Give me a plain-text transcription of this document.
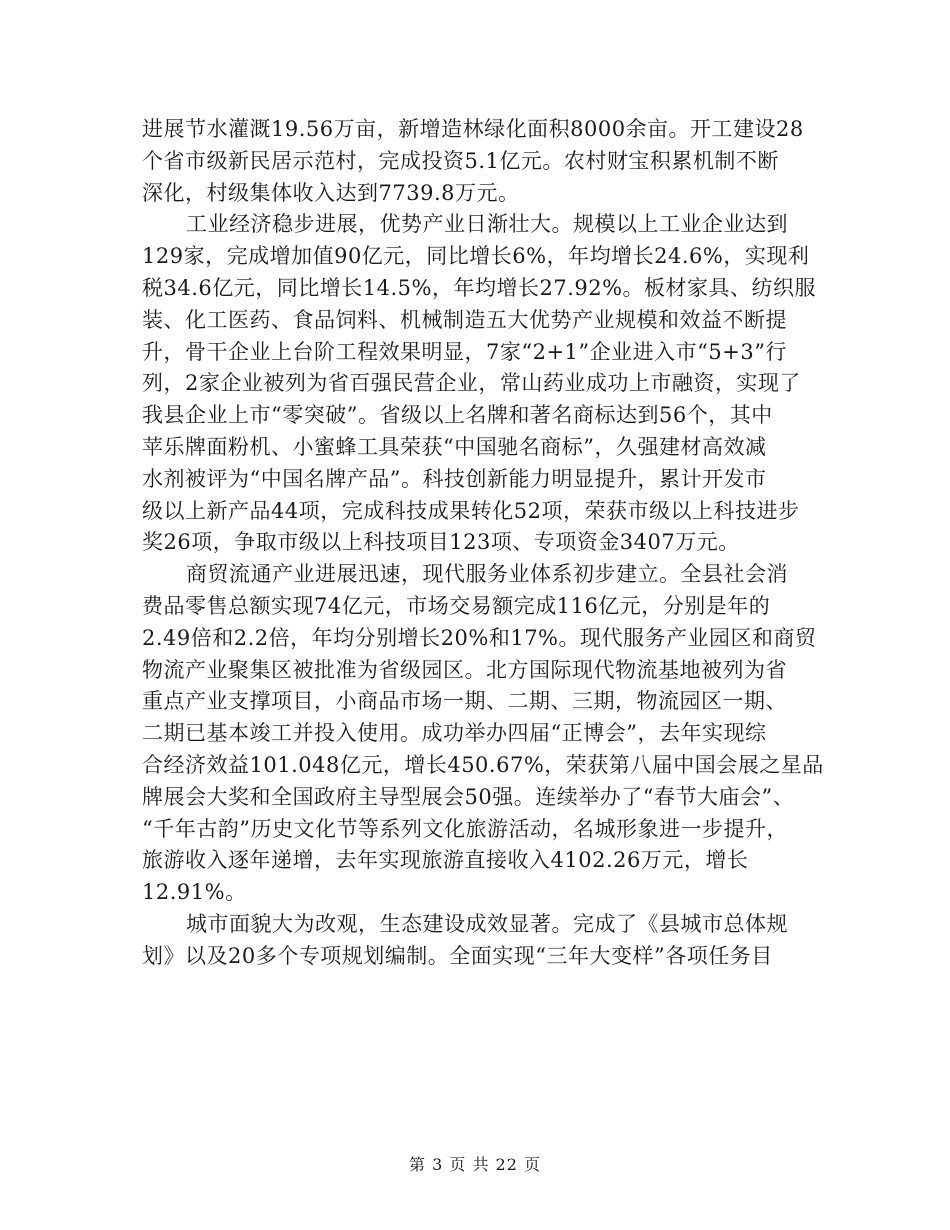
进展节水灌溉19.56万亩，新增造林绿化面积8000余亩。开工建设28
个省市级新民居示范村，完成投资5.1亿元。农村财宝积累机制不断
深化，村级集体收入达到7739.8万元。
工业经济稳步进展，优势产业日渐壮大。规模以上工业企业达到
129家，完成增加值90亿元，同比增长6%，年均增长24.6%，实现利
税34.6亿元，同比增长14.5%，年均增长27.92%。板材家具、纺织服
装、化工医药、食品饲料、机械制造五大优势产业规模和效益不断提
升，骨干企业上台阶工程效果明显，7家“2+1”企业进入市“5+3”行
列，2家企业被列为省百强民营企业，常山药业成功上市融资，实现了
我县企业上市“零突破”。省级以上名牌和著名商标达到56个，其中
苹乐牌面粉机、小蜜蜂工具荣获“中国驰名商标”，久强建材高效减
水剂被评为“中国名牌产品”。科技创新能力明显提升，累计开发市
级以上新产品44项，完成科技成果转化52项，荣获市级以上科技进步
奖26项，争取市级以上科技项目123项、专项资金3407万元。
商贸流通产业进展迅速，现代服务业体系初步建立。全县社会消
费品零售总额实现74亿元，市场交易额完成116亿元，分别是年的
2.49倍和2.2倍，年均分别增长20%和17%。现代服务产业园区和商贸
物流产业聚集区被批准为省级园区。北方国际现代物流基地被列为省
重点产业支撑项目，小商品市场一期、二期、三期，物流园区一期、
二期已基本竣工并投入使用。成功举办四届“正博会”，去年实现综
合经济效益101.048亿元，增长450.67%，荣获第八届中国会展之星品
牌展会大奖和全国政府主导型展会50强。连续举办了“春节大庙会”、
“千年古韵”历史文化节等系列文化旅游活动，名城形象进一步提升，
旅游收入逐年递增，去年实现旅游直接收入4102.26万元，增长
12.91%。
城市面貌大为改观，生态建设成效显著。完成了《县城市总体规
划》以及20多个专项规划编制。全面实现“三年大变样”各项任务目
第 3 页 共 22 页
